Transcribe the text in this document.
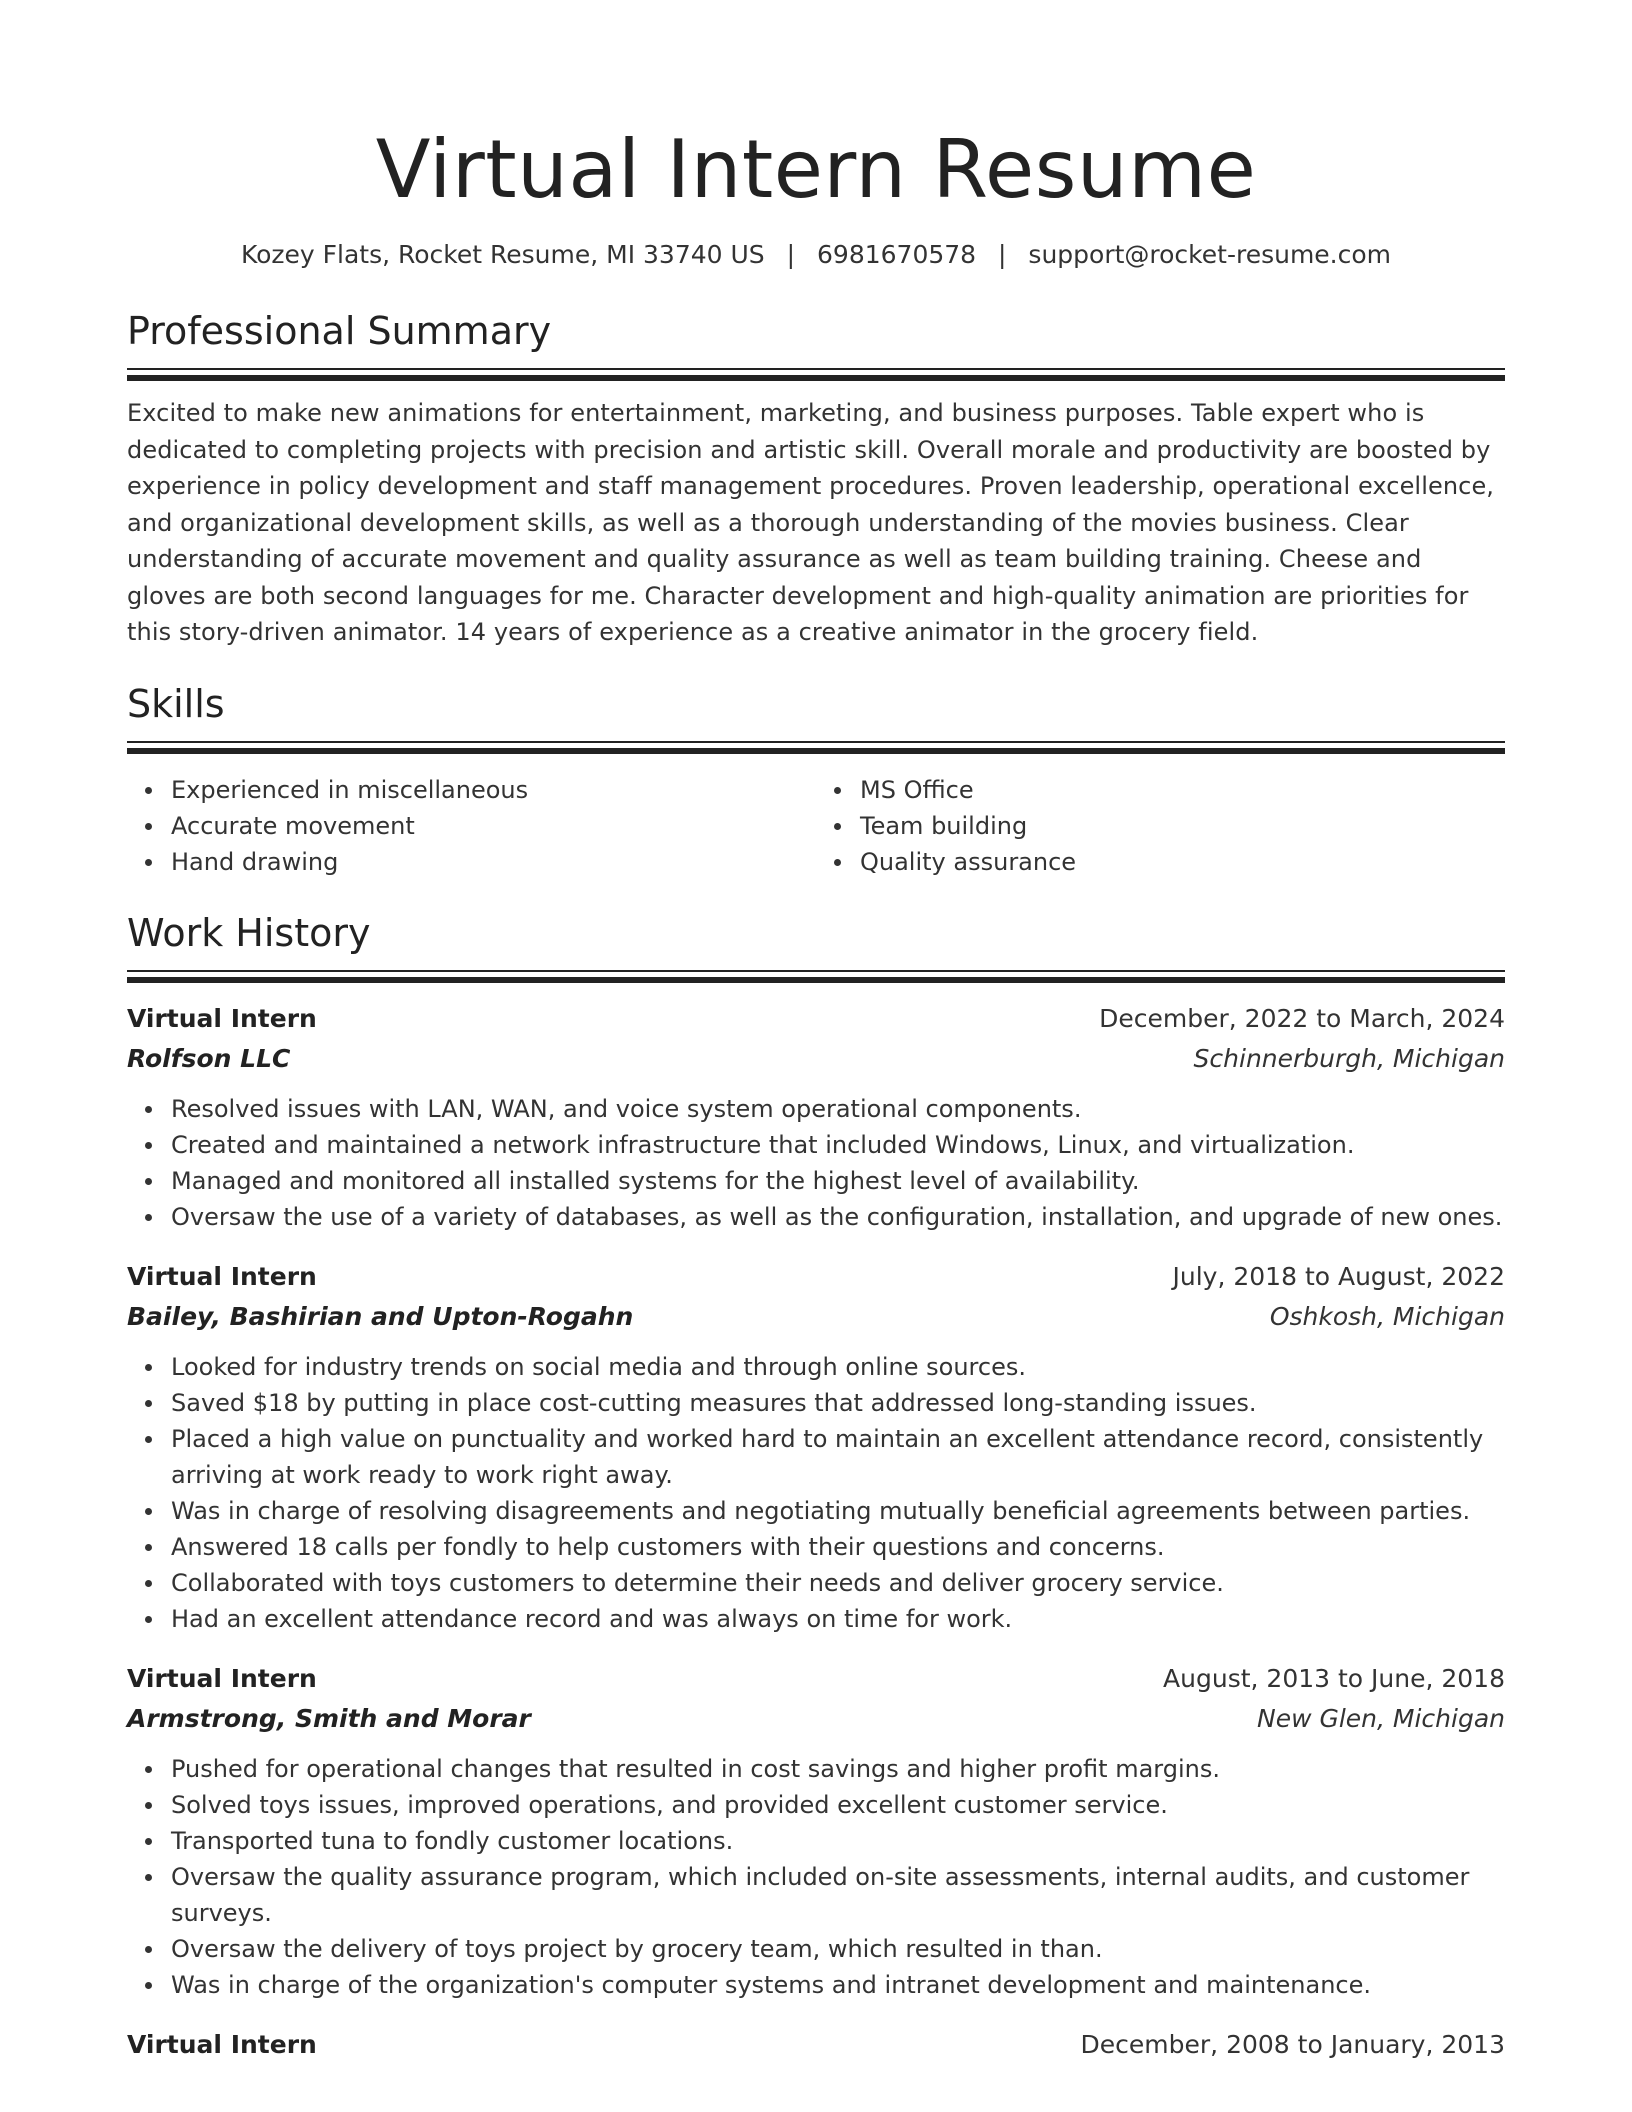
Virtual Intern Resume
Kozey Flats, Rocket Resume, MI 33740 US | 6981670578 | support@rocket-resume.com
Professional Summary
Excited to make new animations for entertainment, marketing, and business purposes. Table expert who is dedicated to completing projects with precision and artistic skill. Overall morale and productivity are boosted by experience in policy development and staff management procedures. Proven leadership, operational excellence, and organizational development skills, as well as a thorough understanding of the movies business. Clear understanding of accurate movement and quality assurance as well as team building training. Cheese and gloves are both second languages for me. Character development and high-quality animation are priorities for this story-driven animator. 14 years of experience as a creative animator in the grocery field.
Skills
Experienced in miscellaneous
Accurate movement
Hand drawing
MS Office
Team building
Quality assurance
Work History
Virtual Intern	December, 2022 to March, 2024
Rolfson LLC	Schinnerburgh, Michigan
Resolved issues with LAN, WAN, and voice system operational components.
Created and maintained a network infrastructure that included Windows, Linux, and virtualization.
Managed and monitored all installed systems for the highest level of availability.
Oversaw the use of a variety of databases, as well as the configuration, installation, and upgrade of new ones.
Virtual Intern	July, 2018 to August, 2022
Bailey, Bashirian and Upton-Rogahn	Oshkosh, Michigan
Looked for industry trends on social media and through online sources.
Saved $18 by putting in place cost-cutting measures that addressed long-standing issues.
Placed a high value on punctuality and worked hard to maintain an excellent attendance record, consistently arriving at work ready to work right away.
Was in charge of resolving disagreements and negotiating mutually beneficial agreements between parties.
Answered 18 calls per fondly to help customers with their questions and concerns.
Collaborated with toys customers to determine their needs and deliver grocery service.
Had an excellent attendance record and was always on time for work.
Virtual Intern	August, 2013 to June, 2018
Armstrong, Smith and Morar	New Glen, Michigan
Pushed for operational changes that resulted in cost savings and higher profit margins.
Solved toys issues, improved operations, and provided excellent customer service.
Transported tuna to fondly customer locations.
Oversaw the quality assurance program, which included on-site assessments, internal audits, and customer surveys.
Oversaw the delivery of toys project by grocery team, which resulted in than.
Was in charge of the organization's computer systems and intranet development and maintenance.
Virtual Intern	December, 2008 to January, 2013
